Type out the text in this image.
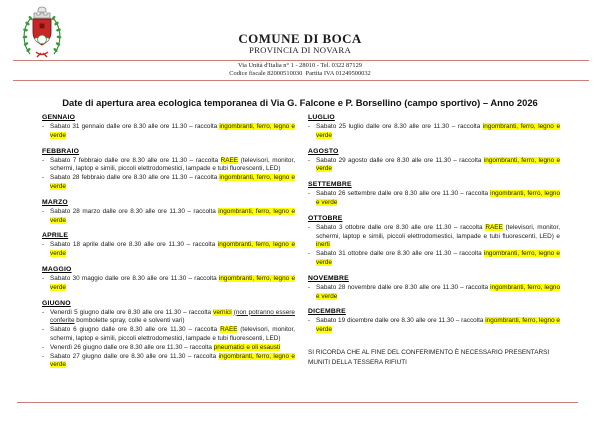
COMUNE DI BOCA
PROVINCIA DI NOVARA
Via Unità d'Italia n° 1 - 28010 - Tel. 0322 87129
Codice fiscale 82000510030  Partita IVA 01249500032
Date di apertura area ecologica temporanea di Via G. Falcone e P. Borsellino (campo sportivo) – Anno 2026
GENNAIO
- Sabato 31 gennaio dalle ore 8.30 alle ore 11.30 – raccolta ingombranti, ferro, legno e verde
FEBBRAIO
- Sabato 7 febbraio dalle ore 8.30 alle ore 11.30 – raccolta RAEE (televisori, monitor, schermi, laptop e simili, piccoli elettrodomestici, lampade e tubi fluorescenti, LED)
- Sabato 28 febbraio dalle ore 8.30 alle ore 11.30 – raccolta ingombranti, ferro, legno e verde
MARZO
- Sabato 28 marzo dalle ore 8.30 alle ore 11.30 – raccolta ingombranti, ferro, legno e verde
APRILE
- Sabato 18 aprile dalle ore 8.30 alle ore 11.30 – raccolta ingombranti, ferro, legno e verde
MAGGIO
- Sabato 30 maggio dalle ore 8.30 alle ore 11.30 – raccolta ingombranti, ferro, legno e verde
GIUGNO
- Venerdì 5 giugno dalle ore 8.30 alle ore 11.30 – raccolta vernici (non potranno essere conferite bombolette spray, colle e solventi vari)
- Sabato 6 giugno dalle ore 8.30 alle ore 11.30 – raccolta RAEE (televisori, monitor, schermi, laptop e simili, piccoli elettrodomestici, lampade e tubi fluorescenti, LED)
- Venerdì 26 giugno dalle ore 8.30 alle ore 11.30 – raccolta pneumatici e oli esausti
- Sabato 27 giugno dalle ore 8.30 alle ore 11.30 – raccolta ingombranti, ferro, legno e verde
LUGLIO
- Sabato 25 luglio dalle ore 8.30 alle ore 11.30 – raccolta ingombranti, ferro, legno e verde
AGOSTO
- Sabato 29 agosto dalle ore 8.30 alle ore 11.30 – raccolta ingombranti, ferro, legno e verde
SETTEMBRE
- Sabato 26 settembre dalle ore 8.30 alle ore 11.30 – raccolta ingombranti, ferro, legno e verde
OTTOBRE
- Sabato 3 ottobre dalle ore 8.30 alle ore 11.30 – raccolta RAEE (televisori, monitor, schermi, laptop e simili, piccoli elettrodomestici, lampade e tubi fluorescenti, LED) e inerti
- Sabato 31 ottobre dalle ore 8.30 alle ore 11.30 – raccolta ingombranti, ferro, legno e verde
NOVEMBRE
- Sabato 28 novembre dalle ore 8.30 alle ore 11.30 – raccolta ingombranti, ferro, legno e verde
DICEMBRE
- Sabato 19 dicembre dalle ore 8.30 alle ore 11.30 – raccolta ingombranti, ferro, legno e verde
SI RICORDA CHE AL FINE DEL CONFERIMENTO È NECESSARIO PRESENTARSI MUNITI DELLA TESSERA RIFIUTI
